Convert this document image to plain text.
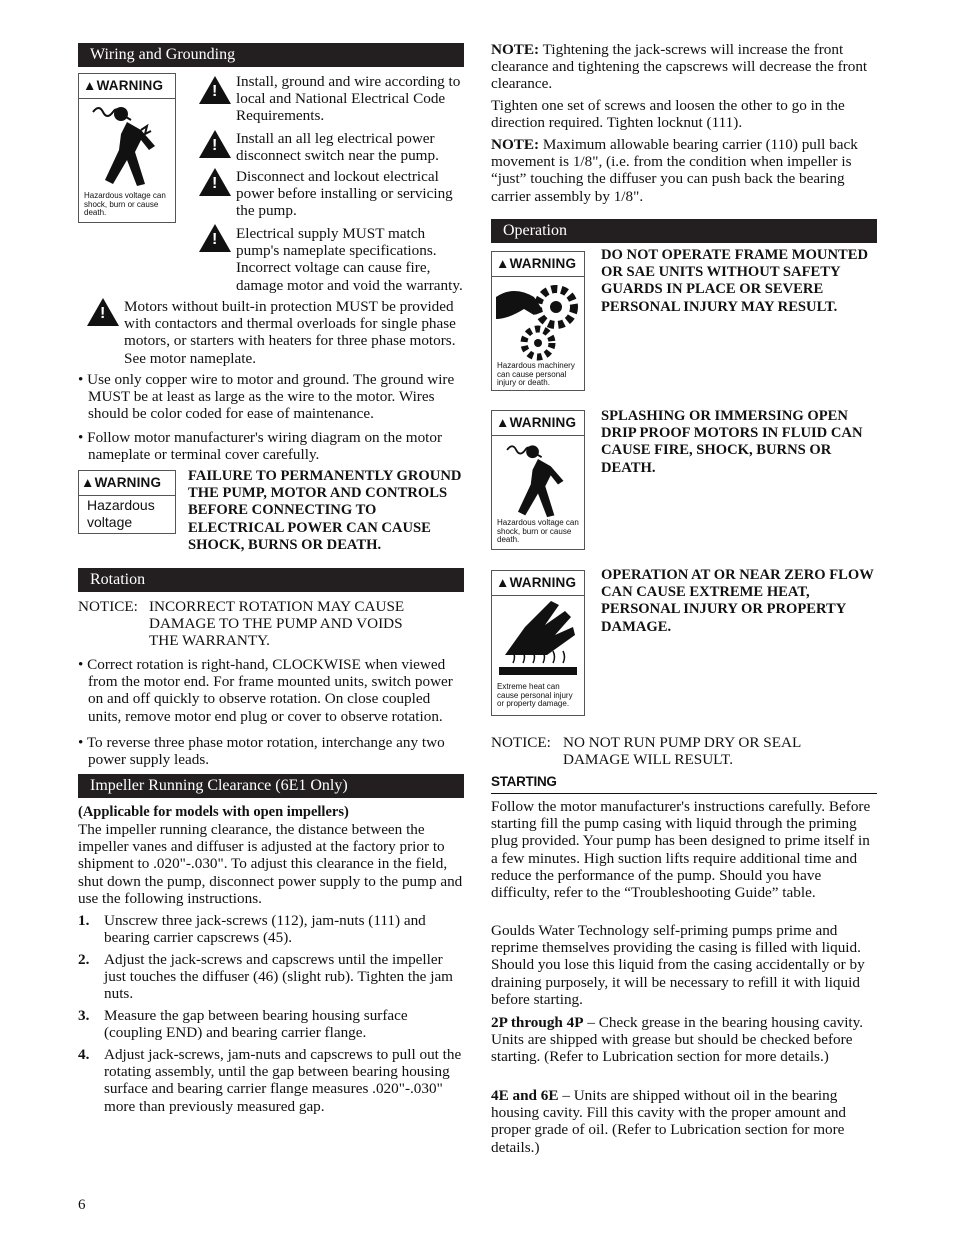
Wiring and Grounding
▲WARNING
Hazardous voltage can shock, burn or cause death.
!
Install, ground and wire according to local and National Electrical Code Requirements.
!
Install an all leg electrical power disconnect switch near the pump.
!
Disconnect and lockout electrical power before installing or servicing the pump.
!
Electrical supply MUST match pump's nameplate specifications. Incorrect voltage can cause fire, damage motor and void the warranty.
!
Motors without built-in protection MUST be provided with contactors and thermal overloads for single phase motors, or starters with heaters for three phase motors. See motor nameplate.
• Use only copper wire to motor and ground. The ground wire MUST be at least as large as the wire to the motor. Wires should be color coded for ease of maintenance.
• Follow motor manufacturer's wiring diagram on the motor nameplate or terminal cover carefully.
▲WARNING
Hazardous voltage
FAILURE TO PERMANENTLY GROUND THE PUMP, MOTOR AND CONTROLS BEFORE CONNECTING TO ELECTRICAL POWER CAN CAUSE SHOCK, BURNS OR DEATH.
Rotation
NOTICE: INCORRECT ROTATION MAY CAUSE DAMAGE TO THE PUMP AND VOIDS THE WARRANTY.
• Correct rotation is right-hand, CLOCKWISE when viewed from the motor end. For frame mounted units, switch power on and off quickly to observe rotation. On close coupled units, remove motor end plug or cover to observe rotation.
• To reverse three phase motor rotation, interchange any two power supply leads.
Impeller Running Clearance (6E1 Only)
(Applicable for models with open impellers)
The impeller running clearance, the distance between the impeller vanes and diffuser is adjusted at the factory prior to shipment to .020"-.030". To adjust this clearance in the field, shut down the pump, disconnect power supply to the pump and use the following instructions.
1. Unscrew three jack-screws (112), jam-nuts (111) and bearing carrier capscrews (45).
2. Adjust the jack-screws and capscrews until the impeller just touches the diffuser (46) (slight rub). Tighten the jam nuts.
3. Measure the gap between bearing housing surface (coupling END) and bearing carrier flange.
4. Adjust jack-screws, jam-nuts and capscrews to pull out the rotating assembly, until the gap between bearing housing surface and bearing carrier flange measures .020"-.030" more than previously measured gap.
6
NOTE: Tightening the jack-screws will increase the front clearance and tightening the capscrews will decrease the front clearance.
Tighten one set of screws and loosen the other to go in the direction required. Tighten locknut (111).
NOTE: Maximum allowable bearing carrier (110) pull back movement is 1/8", (i.e. from the condition when impeller is “just” touching the diffuser you can push back the bearing carrier assembly by 1/8".
Operation
▲WARNING
Hazardous machinery can cause personal injury or death.
DO NOT OPERATE FRAME MOUNTED OR SAE UNITS WITHOUT SAFETY GUARDS IN PLACE OR SEVERE PERSONAL INJURY MAY RESULT.
▲WARNING
Hazardous voltage can shock, burn or cause death.
SPLASHING OR IMMERSING OPEN DRIP PROOF MOTORS IN FLUID CAN CAUSE FIRE, SHOCK, BURNS OR DEATH.
▲WARNING
Extreme heat can cause personal injury or property damage.
OPERATION AT OR NEAR ZERO FLOW CAN CAUSE EXTREME HEAT, PERSONAL INJURY OR PROPERTY DAMAGE.
NOTICE: NO NOT RUN PUMP DRY OR SEAL DAMAGE WILL RESULT.
STARTING
Follow the motor manufacturer's instructions carefully. Before starting fill the pump casing with liquid through the priming plug provided. Your pump has been designed to prime itself in a few minutes. High suction lifts require additional time and reduce the performance of the pump. Should you have difficulty, refer to the “Troubleshooting Guide” table.
Goulds Water Technology self-priming pumps prime and reprime themselves providing the casing is filled with liquid. Should you lose this liquid from the casing accidentally or by draining purposely, it will be necessary to refill it with liquid before starting.
2P through 4P – Check grease in the bearing housing cavity. Units are shipped with grease but should be checked before starting. (Refer to Lubrication section for more details.)
4E and 6E – Units are shipped without oil in the bearing housing cavity. Fill this cavity with the proper amount and proper grade of oil. (Refer to Lubrication section for more details.)
